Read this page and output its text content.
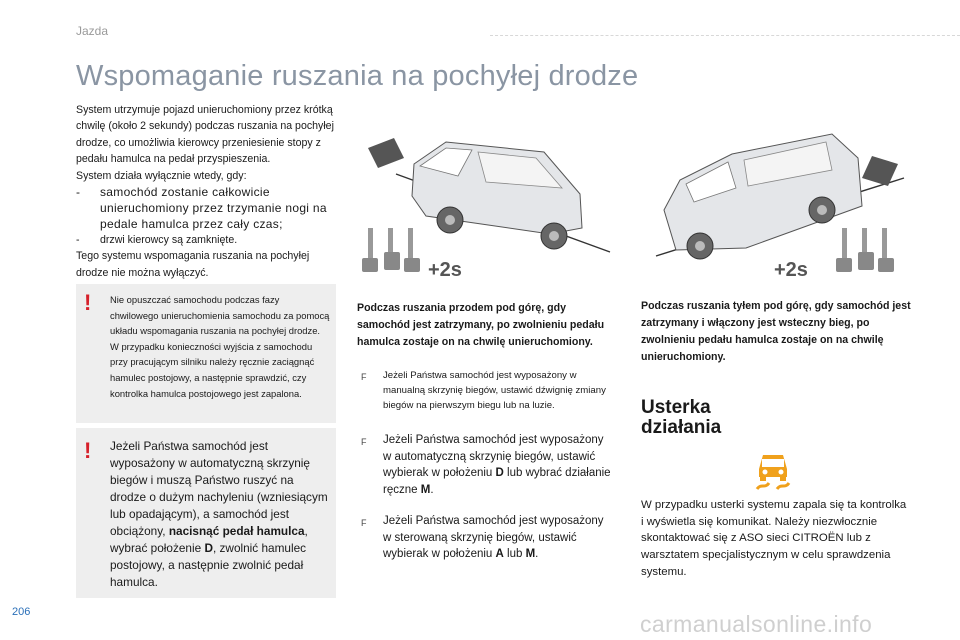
Jazda
Wspomaganie ruszania na pochyłej drodze

System utrzymuje pojazd unieruchomiony przez krótką chwilę (około 2 sekundy) podczas ruszania na pochyłej drodze, co umożliwia kierowcy przeniesienie stopy z pedału hamulca na pedał przyspieszenia.

System działa wyłącznie wtedy, gdy:

-	samochód zostanie całkowicie unieruchomiony przez trzymanie nogi na pedale hamulca przez cały czas;
-	drzwi kierowcy są zamknięte.

Tego systemu wspomagania ruszania na pochyłej drodze nie można wyłączyć.

! Nie opuszczać samochodu podczas fazy chwilowego unieruchomienia samochodu za pomocą układu wspomagania ruszania na pochyłej drodze.

W przypadku konieczności wyjścia z samochodu przy pracującym silniku należy ręcznie zaciągnąć hamulec postojowy, a następnie sprawdzić, czy kontrolka hamulca postojowego jest zapalona.

! Jeżeli Państwa samochód jest wyposażony w automatyczną skrzynię biegów i muszą Państwo ruszyć na drodze o dużym nachyleniu (wzniesiącym lub opadającym), a samochód jest obciążony, nacisnąć pedał hamulca, wybrać położenie D, zwolnić hamulec postojowy, a następnie zwolnić pedał hamulca.
+2s	+2s
Podczas ruszania przodem pod górę, gdy samochód jest zatrzymany, po zwolnieniu pedału hamulca zostaje on na chwilę unieruchomiony.
Podczas ruszania tyłem pod górę, gdy samochód jest zatrzymany i włączony jest wsteczny bieg, po zwolnieniu pedału hamulca zostaje on na chwilę unieruchomiony.
F	Jeżeli Państwa samochód jest wyposażony w manualną skrzynię biegów, ustawić dźwignię zmiany biegów na pierwszym biegu lub na luzie.
F	Jeżeli Państwa samochód jest wyposażony w automatyczną skrzynię biegów, ustawić wybierak w położeniu D lub wybrać działanie ręczne M.
F	Jeżeli Państwa samochód jest wyposażony w sterowaną skrzynię biegów, ustawić wybierak w położeniu A lub M.
Usterka
działania
W przypadku usterki systemu zapala się ta kontrolka i wyświetla się komunikat. Należy niezwłocznie skontaktować się z ASO sieci CITROËN lub z warsztatem specjalistycznym w celu sprawdzenia systemu.
206	carmanualsonline.info
